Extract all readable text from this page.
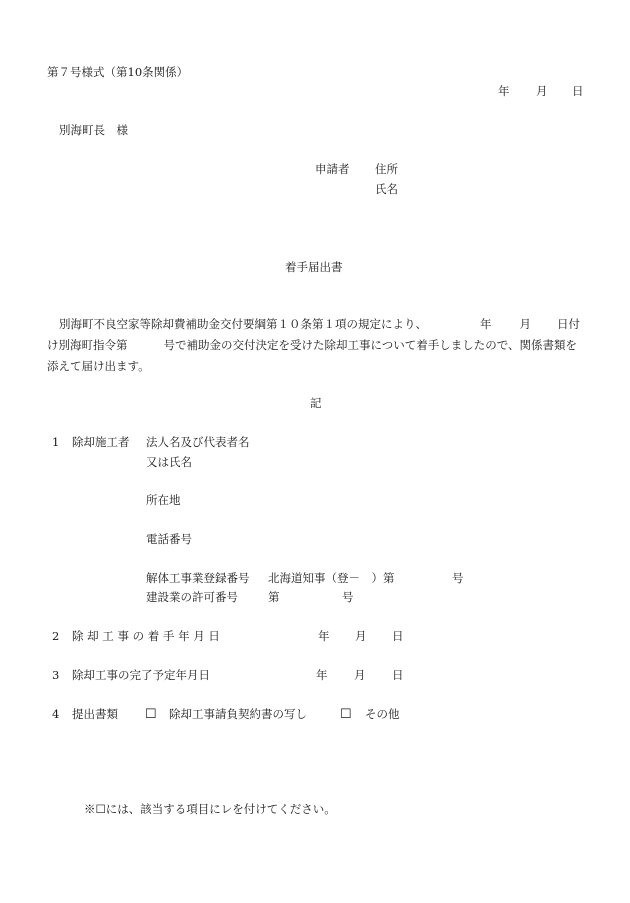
第７号様式（第10条関係）
年 月 日
別海町長　様
申請者 住所
氏名
着手届出書
別海町不良空家等除却費補助金交付要綱第１０条第１項の規定により、	年 月 日付け別海町指令第	号で補助金の交付決定を受けた除却工事について着手しましたので、関係書類を添えて届け出ます。
記
1 除却施工者 法人名及び代表者名
又は氏名
所在地
電話番号
解体工事業登録番号 北海道知事（登－　）第	号
建設業の許可番号	第	号
2 除 却 工 事 の 着 手 年 月 日	年 月 日
3 除却工事の完了予定年月日	年 月 日
4 提出書類 ☐ 除却工事請負契約書の写し	☐ その他
※☐には、該当する項目にレを付けてください。
